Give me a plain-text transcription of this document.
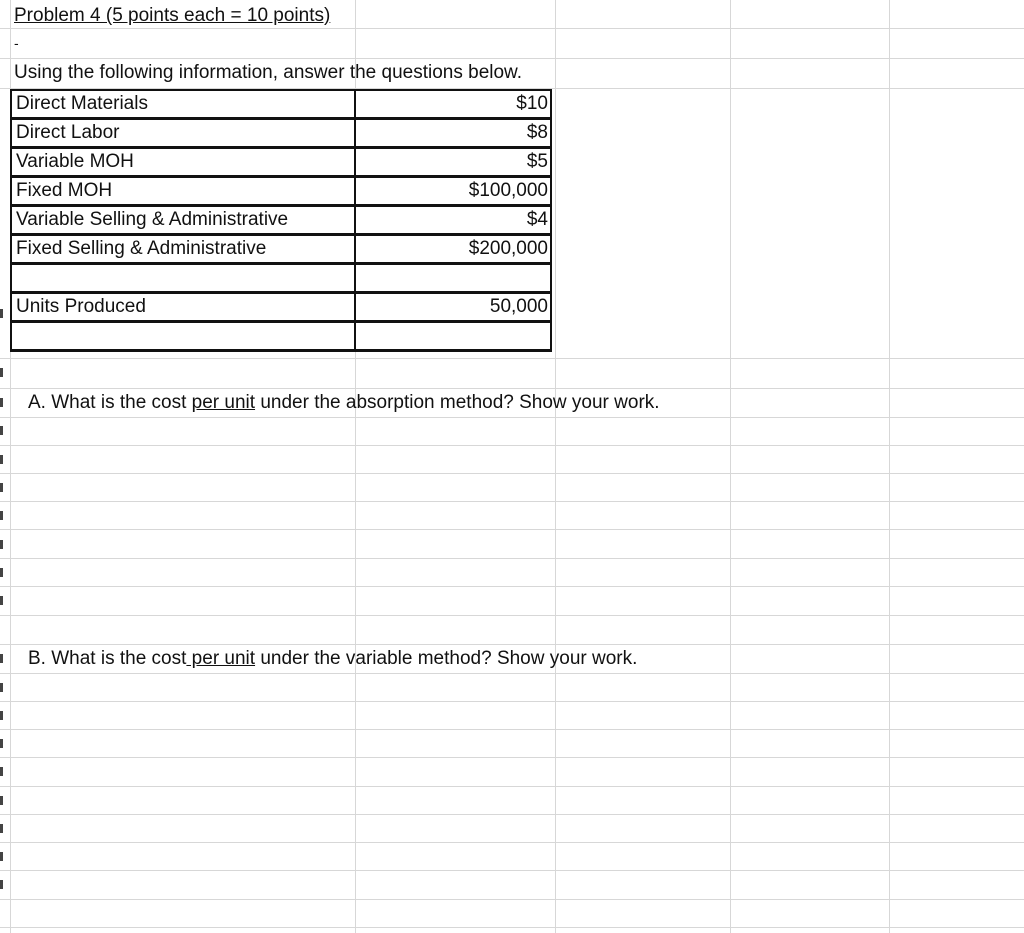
Problem 4 (5 points each = 10 points)
-
Using the following information, answer the questions below.
Direct Materials	$10
Direct Labor	$8
Variable MOH	$5
Fixed MOH	$100,000
Variable Selling & Administrative	$4
Fixed Selling & Administrative	$200,000

Units Produced	50,000

A. What is the cost per unit under the absorption method? Show your work.
B. What is the cost per unit under the variable method? Show your work.
